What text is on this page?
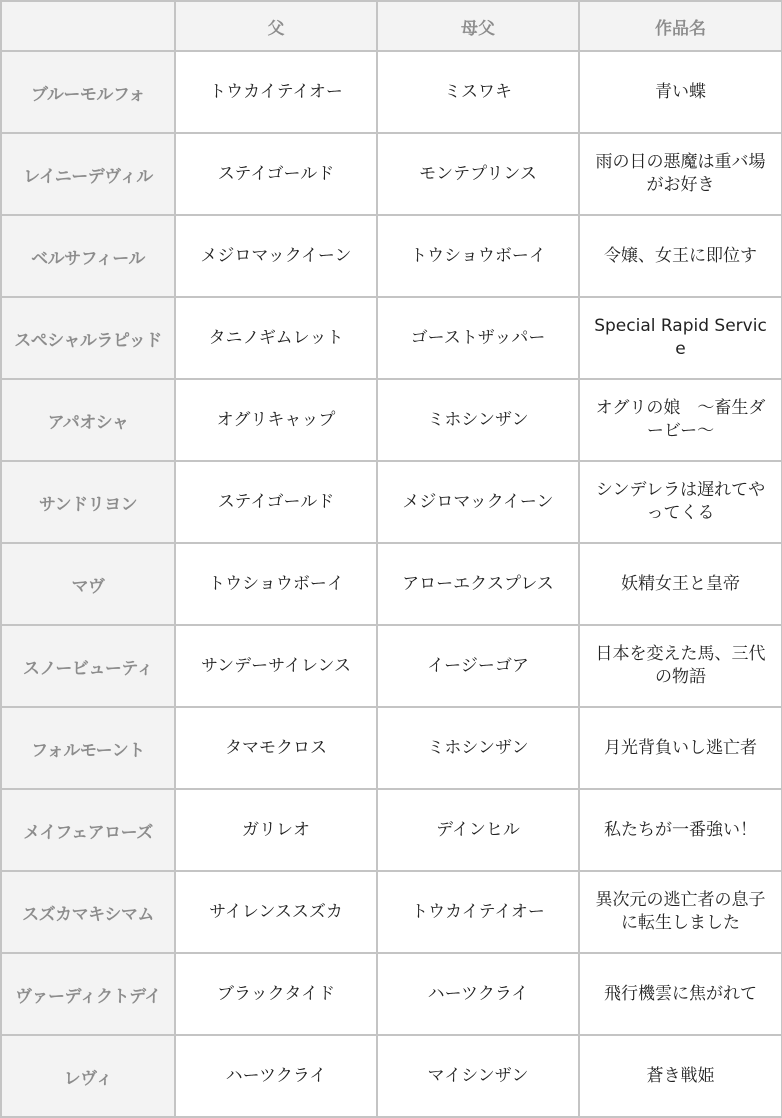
	父	母父	作品名
ブルーモルフォ	トウカイテイオー	ミスワキ	青い蝶
レイニーデヴィル	ステイゴールド	モンテプリンス	雨の日の悪魔は重バ場がお好き
ベルサフィール	メジロマックイーン	トウショウボーイ	令嬢、女王に即位す
スペシャルラピッド	タニノギムレット	ゴーストザッパー	Special Rapid Service
アパオシャ	オグリキャップ	ミホシンザン	オグリの娘　～畜生ダービー～
サンドリヨン	ステイゴールド	メジロマックイーン	シンデレラは遅れてやってくる
マヴ	トウショウボーイ	アローエクスプレス	妖精女王と皇帝
スノービューティ	サンデーサイレンス	イージーゴア	日本を変えた馬、三代の物語
フォルモーント	タマモクロス	ミホシンザン	月光背負いし逃亡者
メイフェアローズ	ガリレオ	デインヒル	私たちが一番強い！
スズカマキシマム	サイレンススズカ	トウカイテイオー	異次元の逃亡者の息子に転生しました
ヴァーディクトデイ	ブラックタイド	ハーツクライ	飛行機雲に焦がれて
レヴィ	ハーツクライ	マイシンザン	蒼き戦姫
